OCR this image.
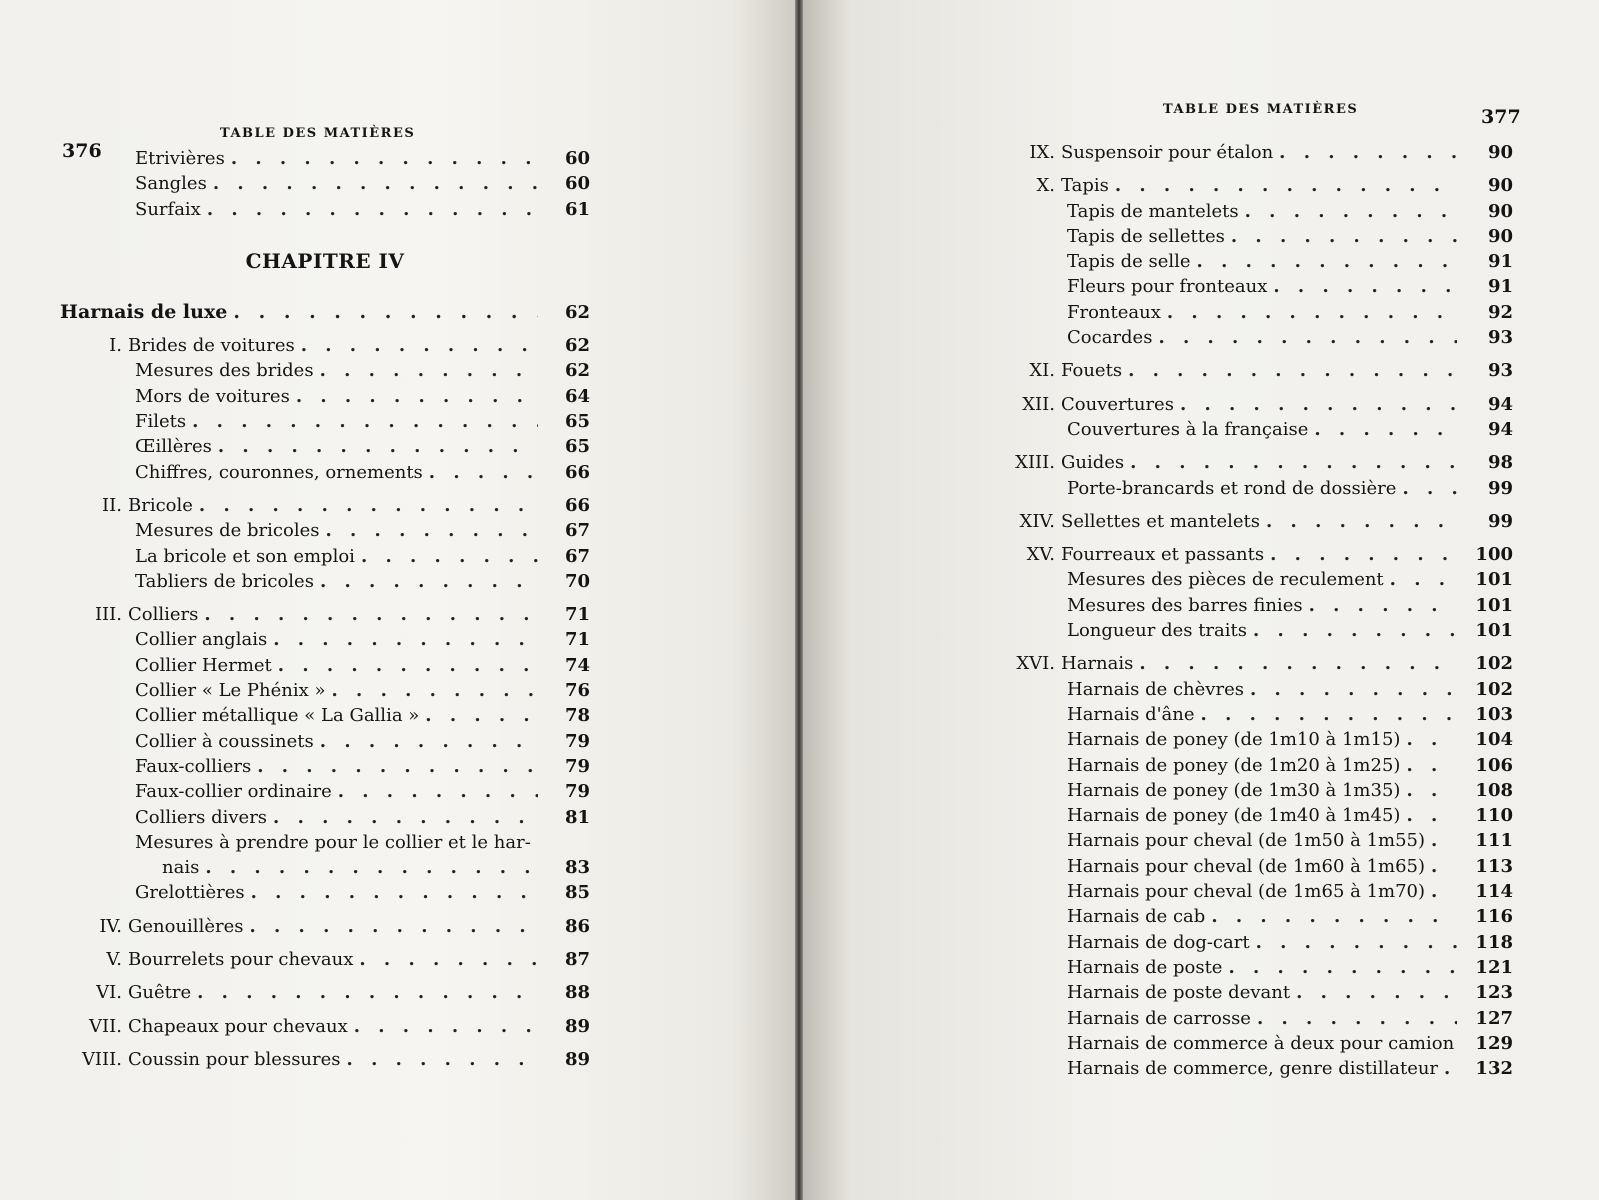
376
TABLE DES MATIÈRES
Etrivières . . .	60
Sangles . . .	60
Surfaix . . .	61
CHAPITRE IV
Harnais de luxe . . .	62
I. Brides de voitures . . .	62
Mesures des brides . . .	62
Mors de voitures . . .	64
Filets . . .	65
Œillères . . .	65
Chiffres, couronnes, ornements . . .	66
II. Bricole . . .	66
Mesures de bricoles . . .	67
La bricole et son emploi . . .	67
Tabliers de bricoles . . .	70
III. Colliers . . .	71
Collier anglais . . .	71
Collier Hermet . . .	74
Collier « Le Phénix » . . .	76
Collier métallique « La Gallia » . . .	78
Collier à coussinets . . .	79
Faux-colliers . . .	79
Faux-collier ordinaire . . .	79
Colliers divers . . .	81
Mesures à prendre pour le collier et le har-
nais . . .	83
Grelottières . . .	85
IV. Genouillères . . .	86
V. Bourrelets pour chevaux . . .	87
VI. Guêtre . . .	88
VII. Chapeaux pour chevaux . . .	89
VIII. Coussin pour blessures . . .	89
TABLE DES MATIÈRES	377
IX. Suspensoir pour étalon . . .	90
X. Tapis . . .	90
Tapis de mantelets . . .	90
Tapis de sellettes . . .	90
Tapis de selle . . .	91
Fleurs pour fronteaux . . .	91
Fronteaux . . .	92
Cocardes . . .	93
XI. Fouets . . .	93
XII. Couvertures . . .	94
Couvertures à la française . . .	94
XIII. Guides . . .	98
Porte-brancards et rond de dossière . . .	99
XIV. Sellettes et mantelets . . .	99
XV. Fourreaux et passants . . .	100
Mesures des pièces de reculement . . .	101
Mesures des barres finies . . .	101
Longueur des traits . . .	101
XVI. Harnais . . .	102
Harnais de chèvres . . .	102
Harnais d'âne . . .	103
Harnais de poney (de 1m10 à 1m15) . . .	104
Harnais de poney (de 1m20 à 1m25) . . .	106
Harnais de poney (de 1m30 à 1m35) . . .	108
Harnais de poney (de 1m40 à 1m45) . . .	110
Harnais pour cheval (de 1m50 à 1m55) . . .	111
Harnais pour cheval (de 1m60 à 1m65) . . .	113
Harnais pour cheval (de 1m65 à 1m70) . . .	114
Harnais de cab . . .	116
Harnais de dog-cart . . .	118
Harnais de poste . . .	121
Harnais de poste devant . . .	123
Harnais de carrosse . . .	127
Harnais de commerce à deux pour camion . . .	129
Harnais de commerce, genre distillateur . . .	132
